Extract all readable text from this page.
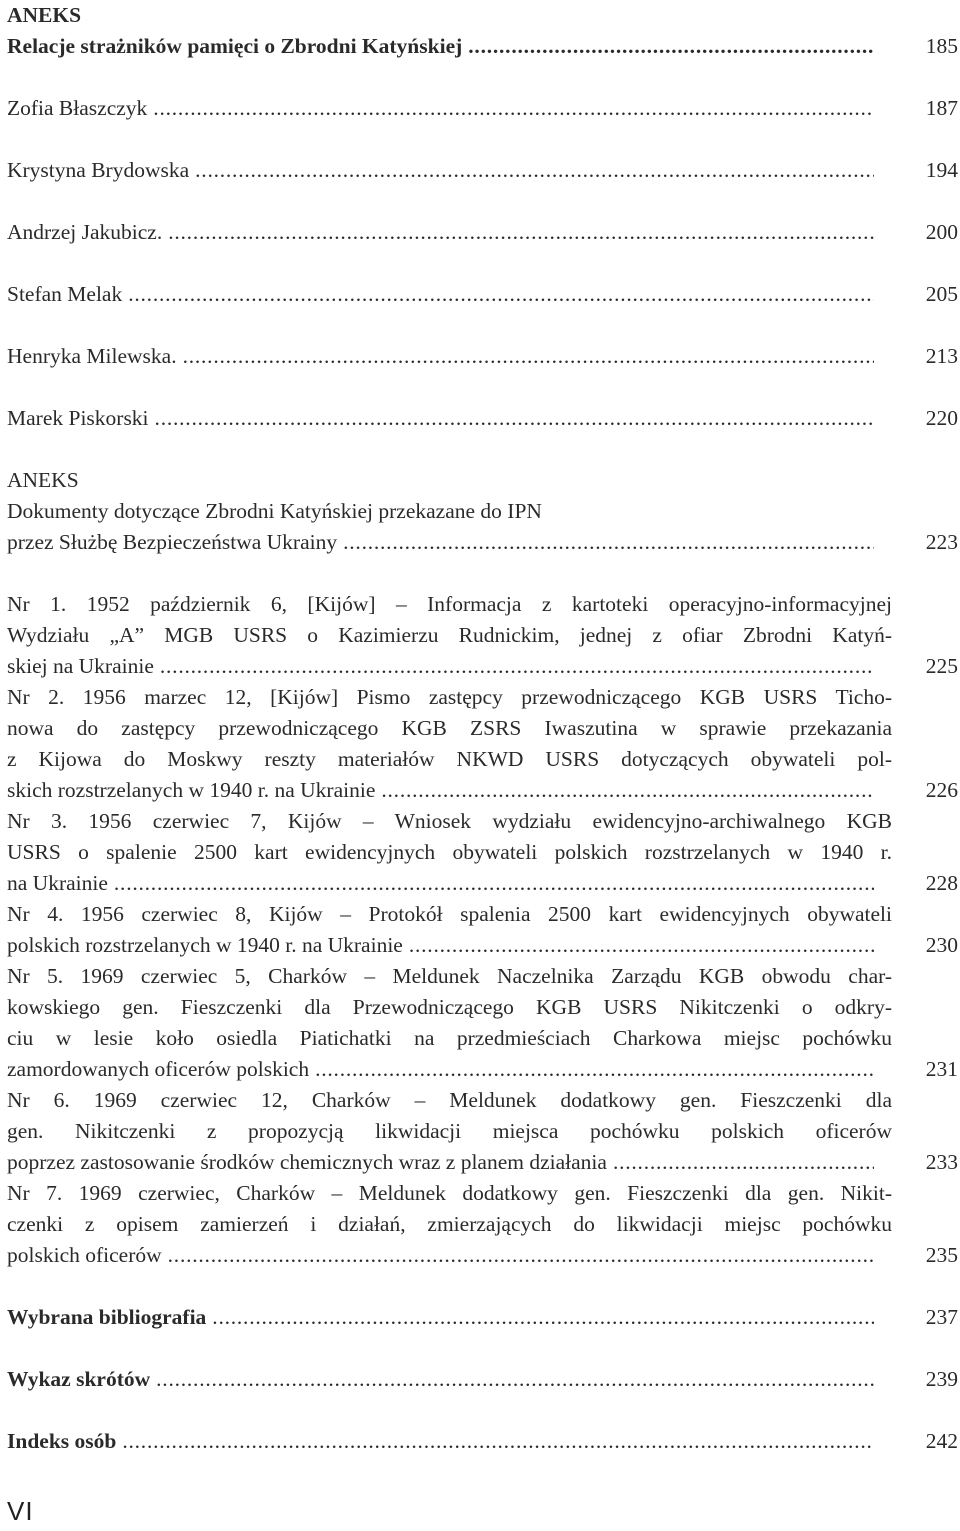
ANEKS
Relacje strażników pamięci o Zbrodni Katyńskiej . . .	185
Zofia Błaszczyk . . .	187
Krystyna Brydowska . . .	194
Andrzej Jakubicz. . . .	200
Stefan Melak . . .	205
Henryka Milewska. . . .	213
Marek Piskorski . . .	220
ANEKS
Dokumenty dotyczące Zbrodni Katyńskiej przekazane do IPN
przez Służbę Bezpieczeństwa Ukrainy . . .	223
Nr 1. 1952 październik 6, [Kijów] – Informacja z kartoteki operacyjno-informacyjnej
Wydziału „A” MGB USRS o Kazimierzu Rudnickim, jednej z ofiar Zbrodni Katyń-
skiej na Ukrainie . . .	225
Nr 2. 1956 marzec 12, [Kijów] Pismo zastępcy przewodniczącego KGB USRS Ticho-
nowa do zastępcy przewodniczącego KGB ZSRS Iwaszutina w sprawie przekazania
z Kijowa do Moskwy reszty materiałów NKWD USRS dotyczących obywateli pol-
skich rozstrzelanych w 1940 r. na Ukrainie . . .	226
Nr 3. 1956 czerwiec 7, Kijów – Wniosek wydziału ewidencyjno-archiwalnego KGB
USRS o spalenie 2500 kart ewidencyjnych obywateli polskich rozstrzelanych w 1940 r.
na Ukrainie . . .	228
Nr 4. 1956 czerwiec 8, Kijów – Protokół spalenia 2500 kart ewidencyjnych obywateli
polskich rozstrzelanych w 1940 r. na Ukrainie . . .	230
Nr 5. 1969 czerwiec 5, Charków – Meldunek Naczelnika Zarządu KGB obwodu char-
kowskiego gen. Fieszczenki dla Przewodniczącego KGB USRS Nikitczenki o odkry-
ciu w lesie koło osiedla Piatichatki na przedmieściach Charkowa miejsc pochówku
zamordowanych oficerów polskich . . .	231
Nr 6. 1969 czerwiec 12, Charków – Meldunek dodatkowy gen. Fieszczenki dla
gen. Nikitczenki z propozycją likwidacji miejsca pochówku polskich oficerów
poprzez zastosowanie środków chemicznych wraz z planem działania . . .	233
Nr 7. 1969 czerwiec, Charków – Meldunek dodatkowy gen. Fieszczenki dla gen. Nikit-
czenki z opisem zamierzeń i działań, zmierzających do likwidacji miejsc pochówku
polskich oficerów . . .	235
Wybrana bibliografia . . .	237
Wykaz skrótów . . .	239
Indeks osób . . .	242
VI
